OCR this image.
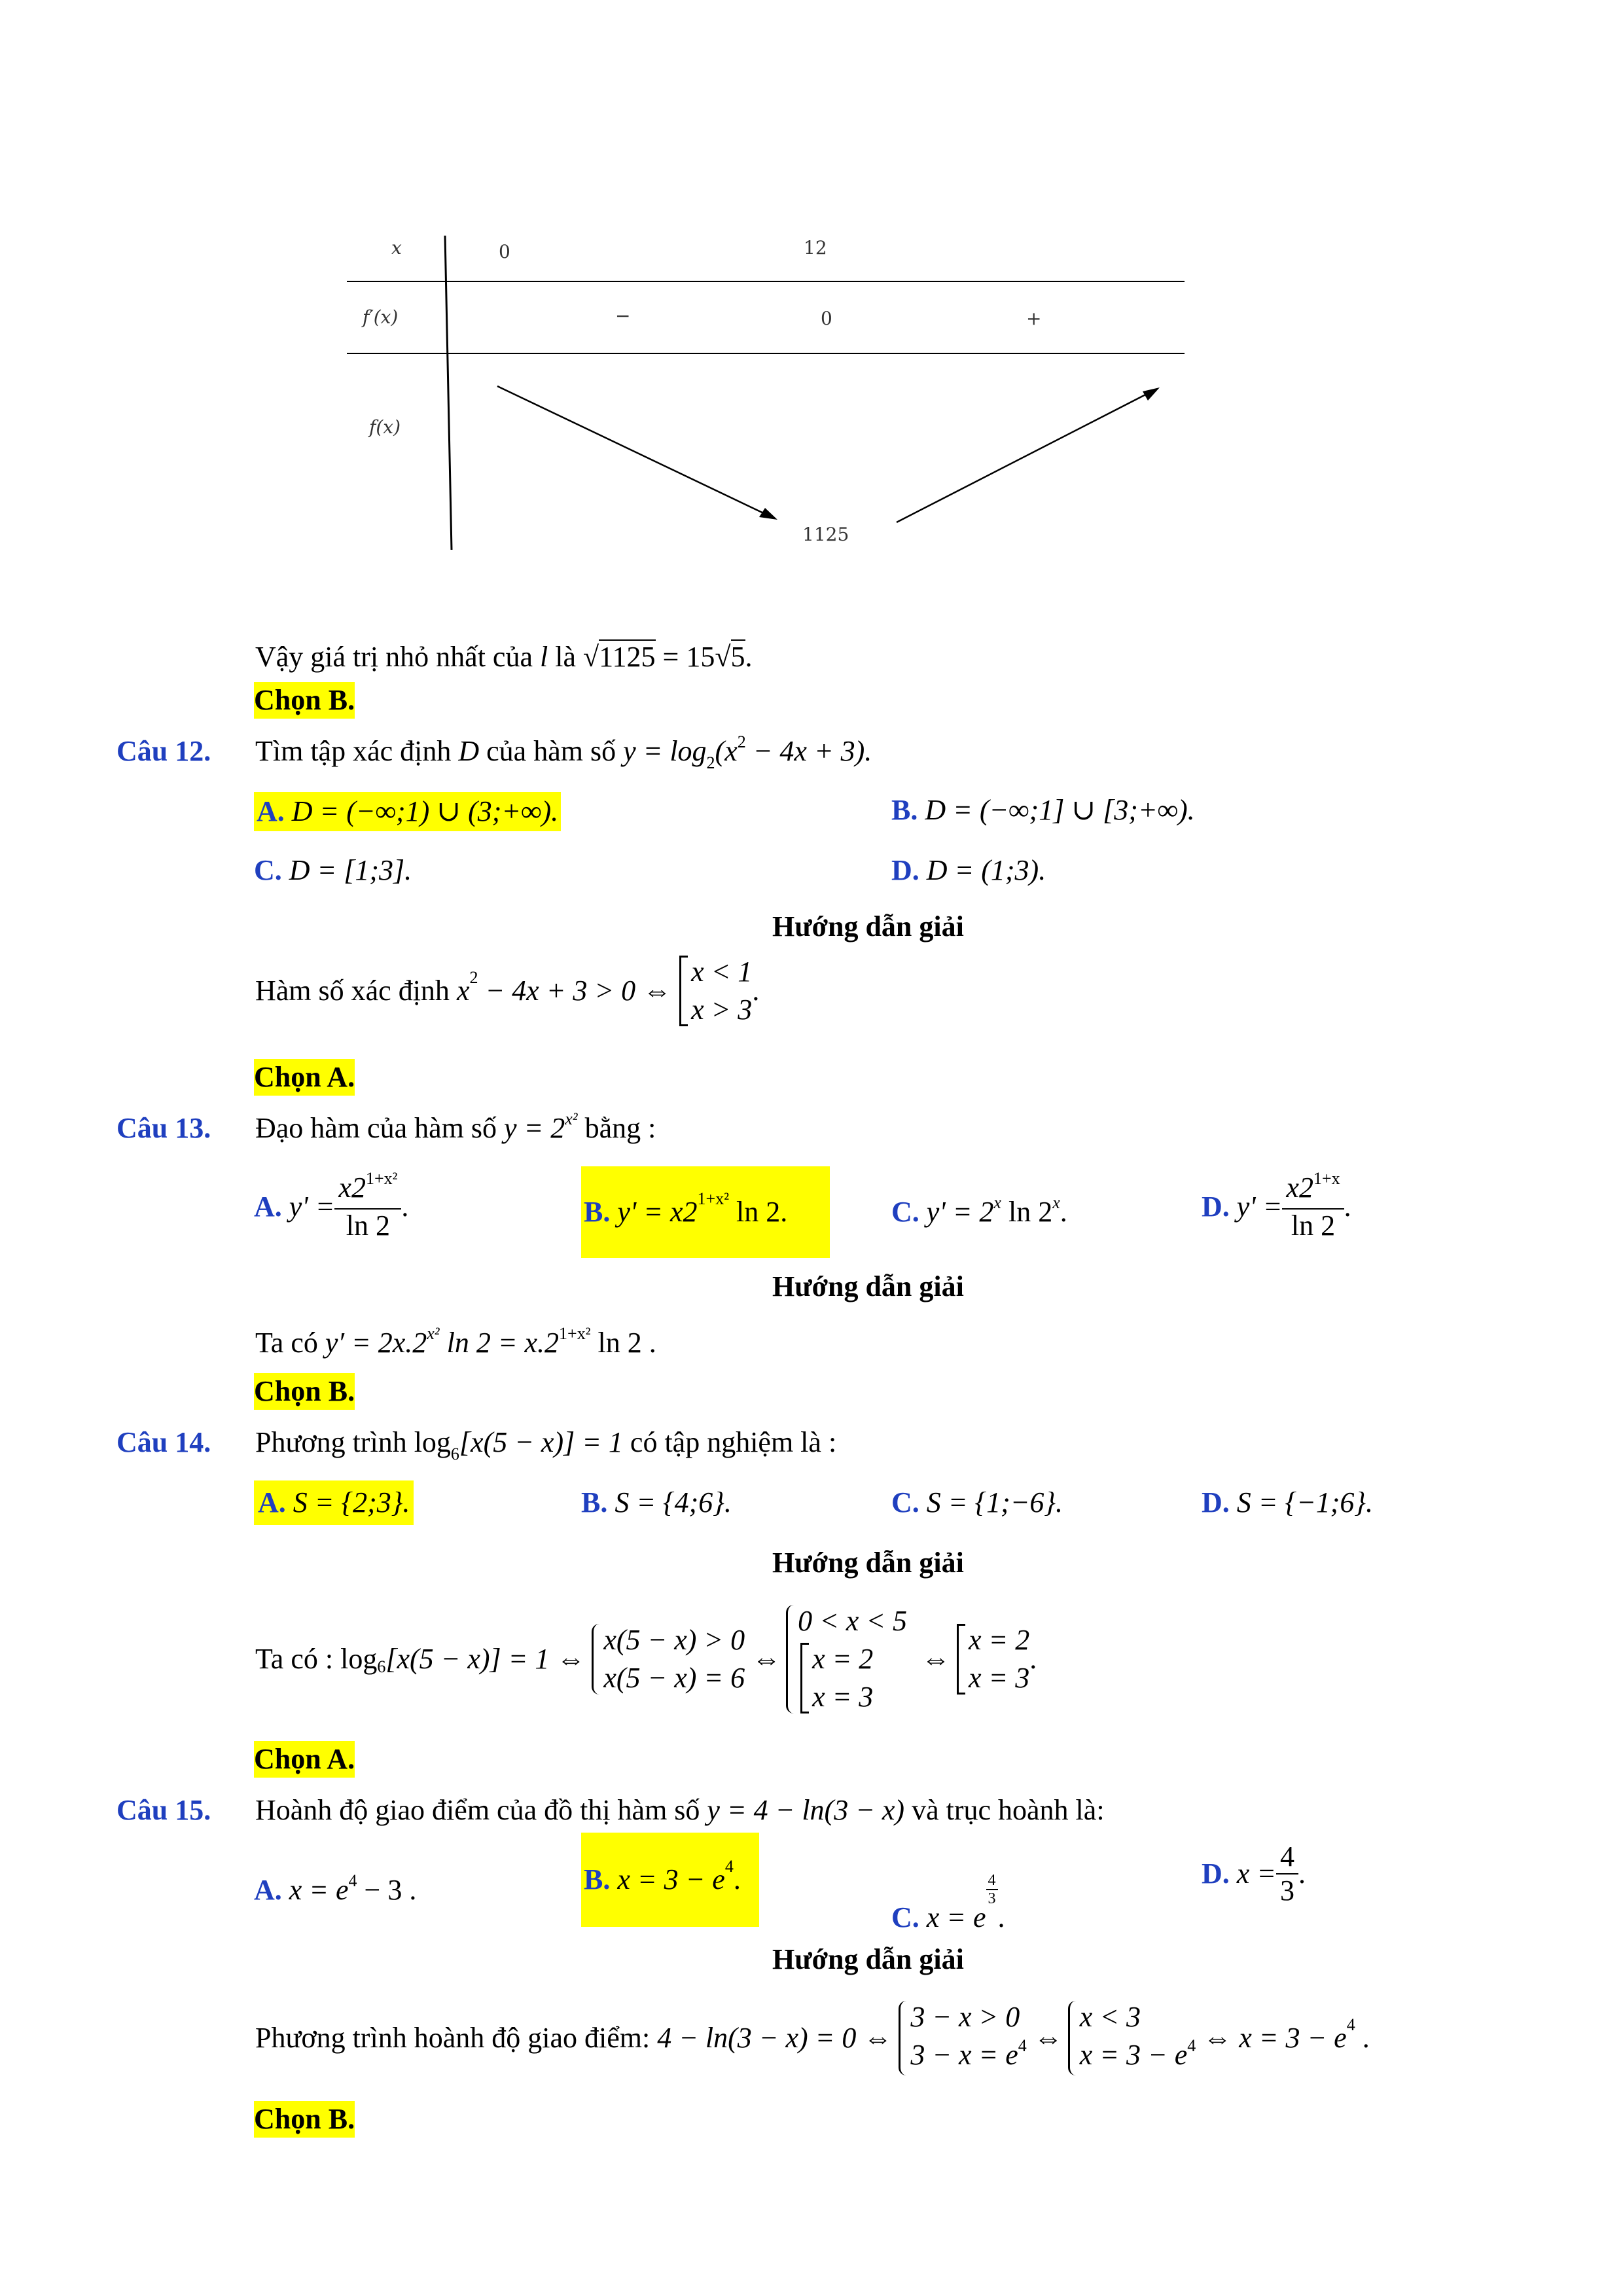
x	0	12
f′(x)	−	0	+
f(x)
1125
Vậy giá trị nhỏ nhất của l là √1125 = 15√5.
Chọn B.
Câu 12. Tìm tập xác định D của hàm số $y = \log_2(x^2 - 4x + 3)$.
A. D = (−∞;1) ∪ (3;+∞).	B. D = (−∞;1] ∪ [3;+∞).
C. D = [1;3].	D. D = (1;3).
Hướng dẫn giải
Hàm số xác định
x 2
− 4x + 3 > 0 ⇔
x < 1
x > 3
.
Chọn A.
Câu 13. Đạo hàm của hàm số $y = 2^{x^2}$ bằng :
A.
$y' = \frac{x2^{1+x^2}}{\ln 2}$ .	B.
y' = x2 1+x²
ln 2.	C. $y' = 2^x$ ln 2$^x$.	D.
$y' = \frac{x2^{1+x}}{\ln 2}$ .
Hướng dẫn giải
Ta có $y' = 2x.2^{x^2}$ $\ln 2 = x.2^{1+x^2}$ ln 2 .
Chọn B.
Câu 14. Phương trình $\log_6[x(5 - x)] = 1$ có tập nghiệm là :
A. S = {2;3}.	B. S = {4;6}.	C. S = {1;−6}.	D. S = {−1;6}.
Hướng dẫn giải
Ta có :
log 6 [x(5 − x)] = 1 ⇔
x(5 − x) > 0
x(5 − x) = 6

⇔
0 < x < 5
x = 2
x = 3

⇔
x = 2
x = 3
.
Chọn A.
Câu 15. Hoành độ giao điểm của đồ thị hàm số y = 4 − ln(3 − x) và trục hoành là:
A. $x = e^4 - 3$ .	B.
x = 3 − e 4 .
C. x = e
$\frac{4}{3}$
.
D.
$x = \frac{4}{3}$ .
Hướng dẫn giải
Phương trình hoành độ giao điểm:
4 − ln(3 − x) = 0 ⇔
3 − x > 0
$3 - x = e^4$
⇔
x < 3
$x = 3 - e^4$
⇔ x = 3 − e 4
.
Chọn B.
